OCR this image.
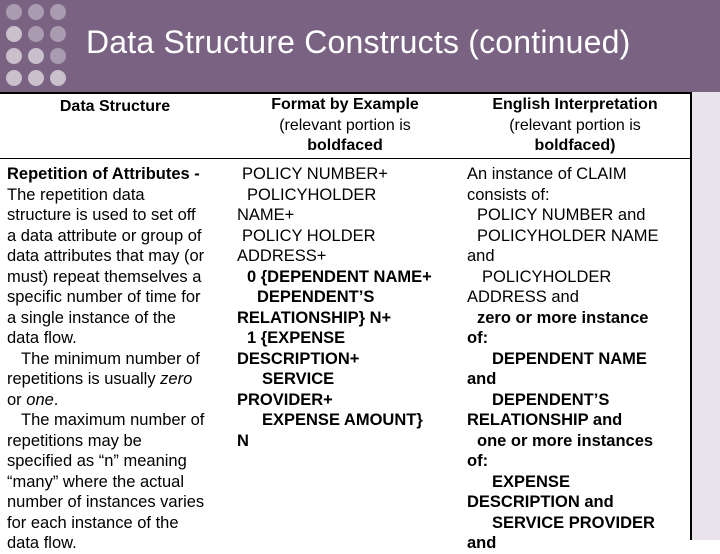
Data Structure Constructs (continued)
Data Structure	Format by Example
(relevant portion is
boldfaced
English Interpretation
(relevant portion is
boldfaced)
Repetition of Attributes -
The repetition data
structure is used to set off
a data attribute or group of
data attributes that may (or
must) repeat themselves a
specific number of time for
a single instance of the
data flow.
The minimum number of
repetitions is usually zero
or one.
The maximum number of
repetitions may be
specified as “n” meaning
“many” where the actual
number of instances varies
for each instance of the
data flow.
POLICY NUMBER+
POLICYHOLDER
NAME+
POLICY HOLDER
ADDRESS+
0 {DEPENDENT NAME+
DEPENDENT’S
RELATIONSHIP} N+
1 {EXPENSE
DESCRIPTION+
SERVICE
PROVIDER+
EXPENSE AMOUNT}
N
An instance of CLAIM
consists of:
POLICY NUMBER and
POLICYHOLDER NAME
and
POLICYHOLDER
ADDRESS and
zero or more instance
of:
DEPENDENT NAME
and
DEPENDENT’S
RELATIONSHIP and
one or more instances
of:
EXPENSE
DESCRIPTION and
SERVICE PROVIDER
and
